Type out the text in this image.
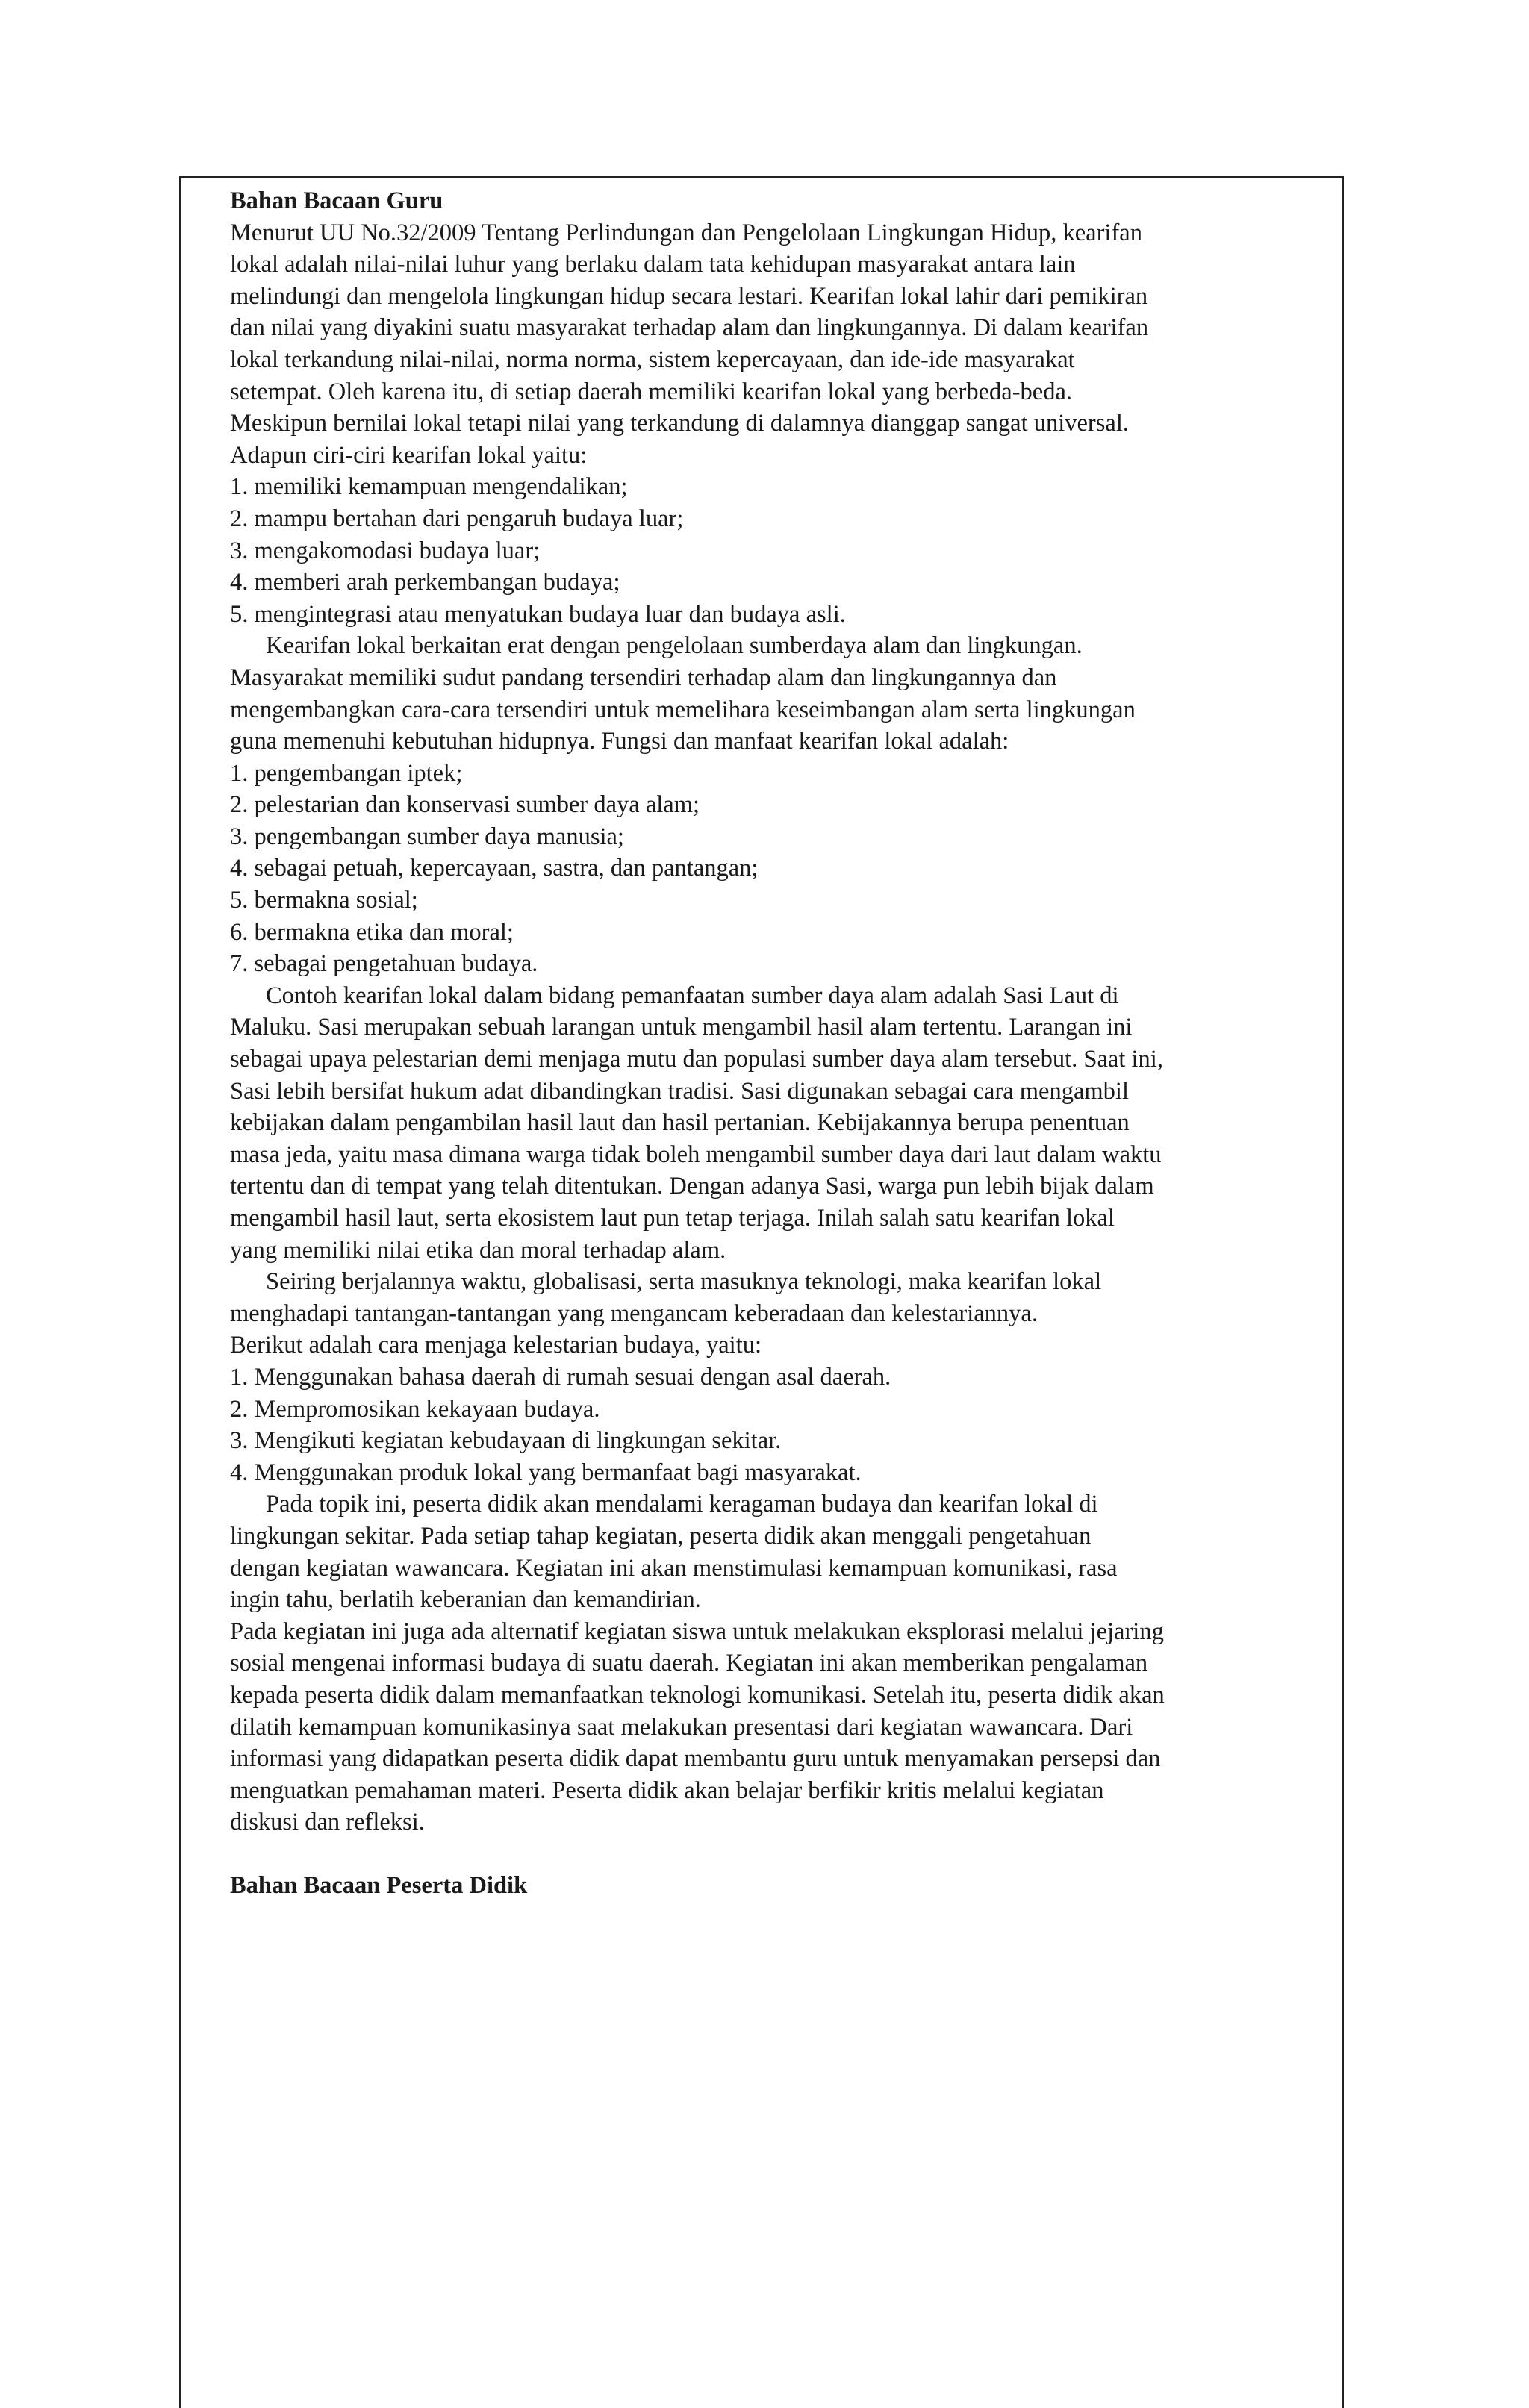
Bahan Bacaan Guru
Menurut UU No.32/2009 Tentang Perlindungan dan Pengelolaan Lingkungan Hidup, kearifan
lokal adalah nilai-nilai luhur yang berlaku dalam tata kehidupan masyarakat antara lain
melindungi dan mengelola lingkungan hidup secara lestari. Kearifan lokal lahir dari pemikiran
dan nilai yang diyakini suatu masyarakat terhadap alam dan lingkungannya. Di dalam kearifan
lokal terkandung nilai-nilai, norma norma, sistem kepercayaan, dan ide-ide masyarakat
setempat. Oleh karena itu, di setiap daerah memiliki kearifan lokal yang berbeda-beda.
Meskipun bernilai lokal tetapi nilai yang terkandung di dalamnya dianggap sangat universal.
Adapun ciri-ciri kearifan lokal yaitu:
1. memiliki kemampuan mengendalikan;
2. mampu bertahan dari pengaruh budaya luar;
3. mengakomodasi budaya luar;
4. memberi arah perkembangan budaya;
5. mengintegrasi atau menyatukan budaya luar dan budaya asli.
Kearifan lokal berkaitan erat dengan pengelolaan sumberdaya alam dan lingkungan.
Masyarakat memiliki sudut pandang tersendiri terhadap alam dan lingkungannya dan
mengembangkan cara-cara tersendiri untuk memelihara keseimbangan alam serta lingkungan
guna memenuhi kebutuhan hidupnya. Fungsi dan manfaat kearifan lokal adalah:
1. pengembangan iptek;
2. pelestarian dan konservasi sumber daya alam;
3. pengembangan sumber daya manusia;
4. sebagai petuah, kepercayaan, sastra, dan pantangan;
5. bermakna sosial;
6. bermakna etika dan moral;
7. sebagai pengetahuan budaya.
Contoh kearifan lokal dalam bidang pemanfaatan sumber daya alam adalah Sasi Laut di
Maluku. Sasi merupakan sebuah larangan untuk mengambil hasil alam tertentu. Larangan ini
sebagai upaya pelestarian demi menjaga mutu dan populasi sumber daya alam tersebut. Saat ini,
Sasi lebih bersifat hukum adat dibandingkan tradisi. Sasi digunakan sebagai cara mengambil
kebijakan dalam pengambilan hasil laut dan hasil pertanian. Kebijakannya berupa penentuan
masa jeda, yaitu masa dimana warga tidak boleh mengambil sumber daya dari laut dalam waktu
tertentu dan di tempat yang telah ditentukan. Dengan adanya Sasi, warga pun lebih bijak dalam
mengambil hasil laut, serta ekosistem laut pun tetap terjaga. Inilah salah satu kearifan lokal
yang memiliki nilai etika dan moral terhadap alam.
Seiring berjalannya waktu, globalisasi, serta masuknya teknologi, maka kearifan lokal
menghadapi tantangan-tantangan yang mengancam keberadaan dan kelestariannya.
Berikut adalah cara menjaga kelestarian budaya, yaitu:
1. Menggunakan bahasa daerah di rumah sesuai dengan asal daerah.
2. Mempromosikan kekayaan budaya.
3. Mengikuti kegiatan kebudayaan di lingkungan sekitar.
4. Menggunakan produk lokal yang bermanfaat bagi masyarakat.
Pada topik ini, peserta didik akan mendalami keragaman budaya dan kearifan lokal di
lingkungan sekitar. Pada setiap tahap kegiatan, peserta didik akan menggali pengetahuan
dengan kegiatan wawancara. Kegiatan ini akan menstimulasi kemampuan komunikasi, rasa
ingin tahu, berlatih keberanian dan kemandirian.
Pada kegiatan ini juga ada alternatif kegiatan siswa untuk melakukan eksplorasi melalui jejaring
sosial mengenai informasi budaya di suatu daerah. Kegiatan ini akan memberikan pengalaman
kepada peserta didik dalam memanfaatkan teknologi komunikasi. Setelah itu, peserta didik akan
dilatih kemampuan komunikasinya saat melakukan presentasi dari kegiatan wawancara. Dari
informasi yang didapatkan peserta didik dapat membantu guru untuk menyamakan persepsi dan
menguatkan pemahaman materi. Peserta didik akan belajar berfikir kritis melalui kegiatan
diskusi dan refleksi.
Bahan Bacaan Peserta Didik
